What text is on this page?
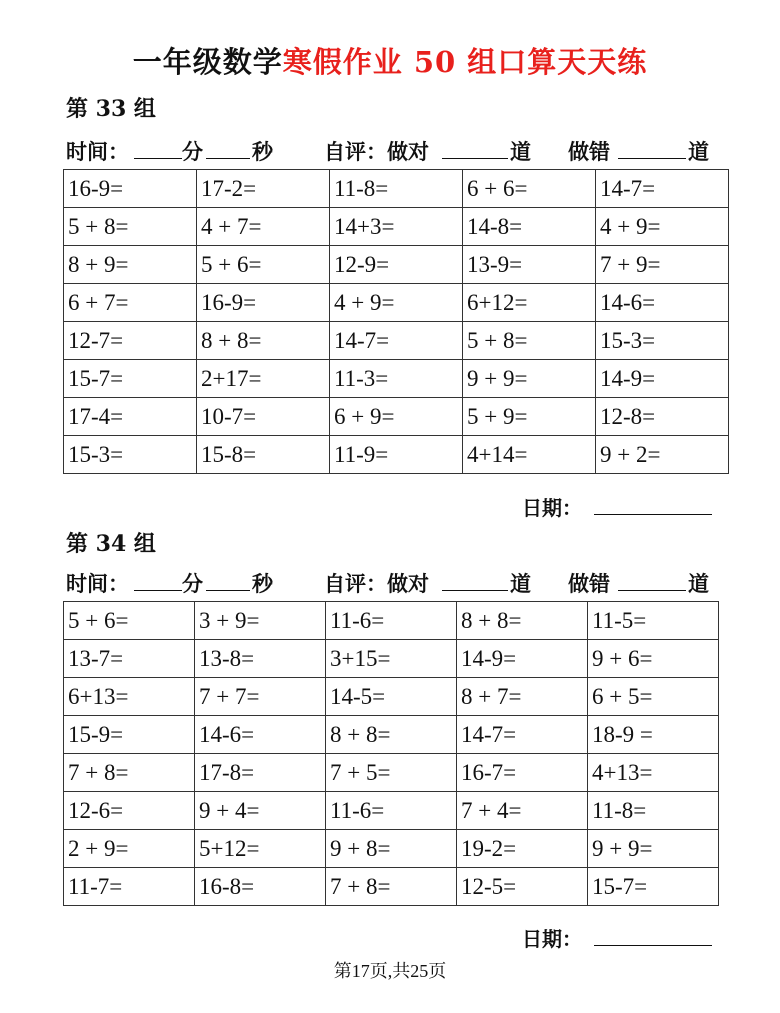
一年级数学寒假作业 50 组口算天天练
第 33 组
时间：	分 秒 自评：做对	道 做错	道
16-9=	17-2=	11-8=	6 + 6=	14-7=
5 + 8=	4 + 7=	14+3=	14-8=	4 + 9=
8 + 9=	5 + 6=	12-9=	13-9=	7 + 9=
6 + 7=	16-9=	4 + 9=	6+12=	14-6=
12-7=	8 + 8=	14-7=	5 + 8=	15-3=
15-7=	2+17=	11-3=	9 + 9=	14-9=
17-4=	10-7=	6 + 9=	5 + 9=	12-8=
15-3=	15-8=	11-9=	4+14=	9 + 2=
日期：
第 34 组
时间：	分 秒 自评：做对	道 做错	道
5 + 6=	3 + 9=	11-6=	8 + 8=	11-5=
13-7=	13-8=	3+15=	14-9=	9 + 6=
6+13=	7 + 7=	14-5=	8 + 7=	6 + 5=
15-9=	14-6=	8 + 8=	14-7=	18-9 =
7 + 8=	17-8=	7 + 5=	16-7=	4+13=
12-6=	9 + 4=	11-6=	7 + 4=	11-8=
2 + 9=	5+12=	9 + 8=	19-2=	9 + 9=
11-7=	16-8=	7 + 8=	12-5=	15-7=
日期：
第17页,共25页
